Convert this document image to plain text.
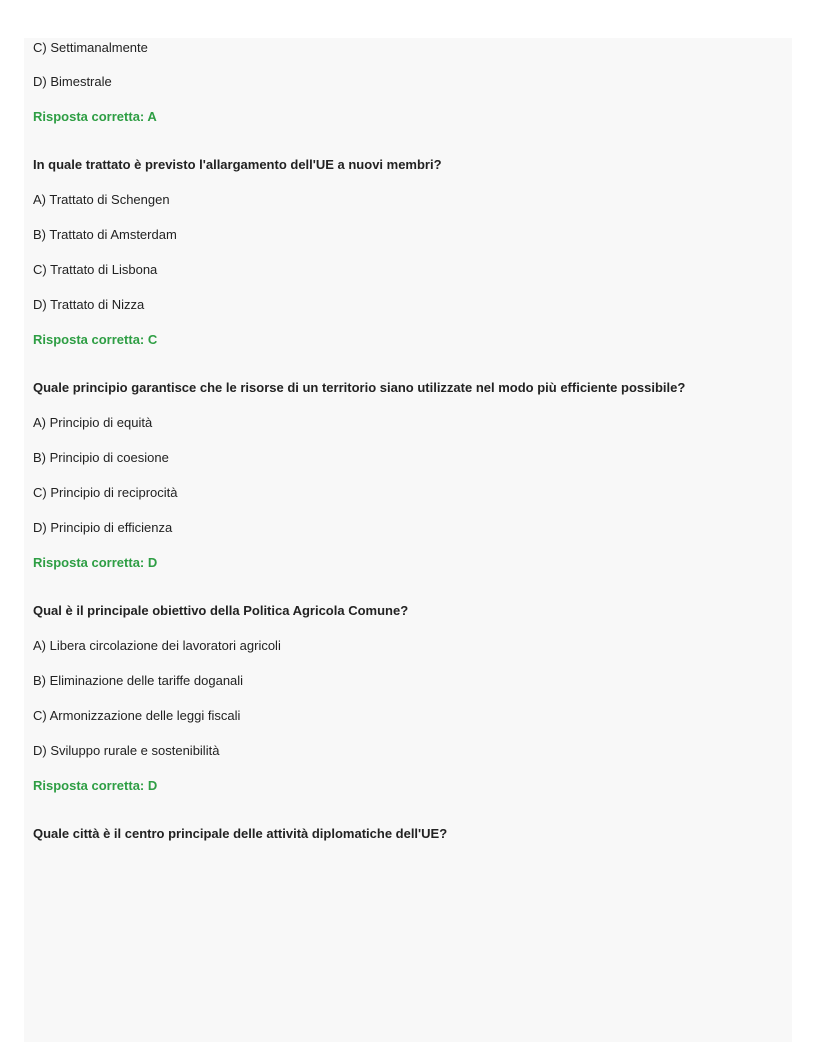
C) Settimanalmente

D) Bimestrale

Risposta corretta: A

In quale trattato è previsto l'allargamento dell'UE a nuovi membri?

A) Trattato di Schengen

B) Trattato di Amsterdam

C) Trattato di Lisbona

D) Trattato di Nizza

Risposta corretta: C

Quale principio garantisce che le risorse di un territorio siano utilizzate nel modo più efficiente possibile?

A) Principio di equità

B) Principio di coesione

C) Principio di reciprocità

D) Principio di efficienza

Risposta corretta: D

Qual è il principale obiettivo della Politica Agricola Comune?

A) Libera circolazione dei lavoratori agricoli

B) Eliminazione delle tariffe doganali

C) Armonizzazione delle leggi fiscali

D) Sviluppo rurale e sostenibilità

Risposta corretta: D

Quale città è il centro principale delle attività diplomatiche dell'UE?
